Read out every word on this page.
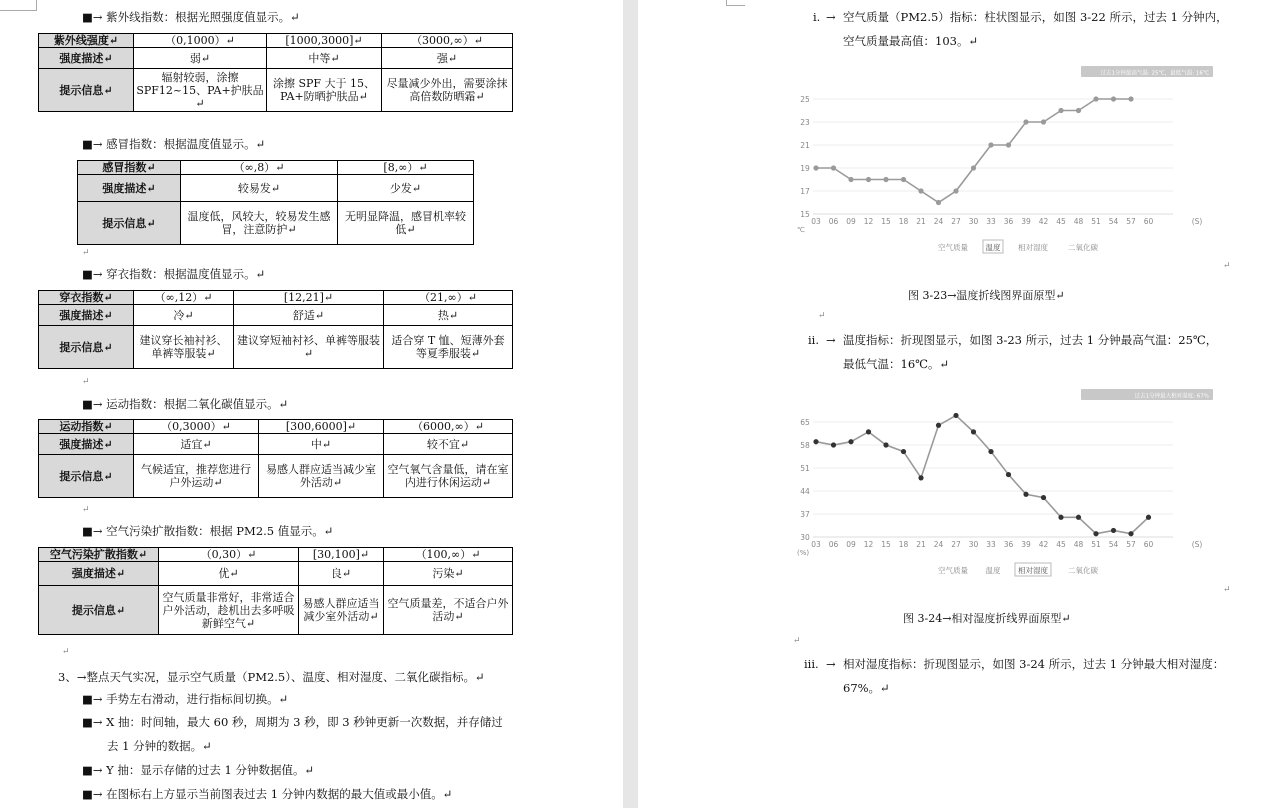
■→ 紫外线指数：根据光照强度值显示。↵
紫外线强度↵	（0,1000）↵	[1000,3000]↵	（3000,∞）↵
强度描述↵	弱↵	中等↵	强↵
提示信息↵	辐射较弱，涂擦 SPF12~15、PA+护肤品↵	涂擦 SPF 大于 15、PA+防晒护肤品↵	尽量减少外出，需要涂抹高倍数防晒霜↵
■→ 感冒指数：根据温度值显示。↵
感冒指数↵	（∞,8）↵	[8,∞）↵
强度描述↵	较易发↵	少发↵
提示信息↵	温度低，风较大，较易发生感冒，注意防护↵	无明显降温，感冒机率较低↵
↵
■→ 穿衣指数：根据温度值显示。↵
穿衣指数↵	（∞,12）↵	[12,21]↵	（21,∞）↵
强度描述↵	冷↵	舒适↵	热↵
提示信息↵	建议穿长袖衬衫、单裤等服装↵	建议穿短袖衬衫、单裤等服装↵	适合穿 T 恤、短薄外套等夏季服装↵
↵
■→ 运动指数：根据二氧化碳值显示。↵
运动指数↵	（0,3000）↵	[300,6000]↵	（6000,∞）↵
强度描述↵	适宜↵	中↵	较不宜↵
提示信息↵	气候适宜，推荐您进行户外运动↵	易感人群应适当减少室外活动↵	空气氧气含量低，请在室内进行休闲运动↵
↵
■→ 空气污染扩散指数：根据 PM2.5 值显示。↵
空气污染扩散指数↵	（0,30）↵	[30,100]↵	（100,∞）↵
强度描述↵	优↵	良↵	污染↵
提示信息↵	空气质量非常好，非常适合户外活动，趁机出去多呼吸新鲜空气↵	易感人群应适当减少室外活动↵	空气质量差，不适合户外活动↵
↵
3、→整点天气实况，显示空气质量（PM2.5）、温度、相对湿度、二氧化碳指标。↵
■→ 手势左右滑动，进行指标间切换。↵
■→ X 抽：时间轴，最大 60 秒，周期为 3 秒，即 3 秒钟更新一次数据，并存储过
去 1 分钟的数据。↵
■→ Y 抽：显示存储的过去 1 分钟数据值。↵
■→ 在图标右上方显示当前图表过去 1 分钟内数据的最大值或最小值。↵
i. → 空气质量（PM2.5）指标：柱状图显示，如图 3-22 所示，过去 1 分钟内，
空气质量最高值：103。↵
过去1分钟最高气温: 25℃，最低气温: 16℃
15
17
19
21
23
25
℃
03 06 09 12 15 18 21 24 27 30 33 36 39 42 45 48 51 54 57 60	(S)
空气质量 温度 相对湿度	二氧化碳
↵
图 3-23→温度折线图界面原型↵
↵
ii. → 温度指标：折现图显示，如图 3-23 所示，过去 1 分钟最高气温：25℃，
最低气温：16℃。↵
过去1分钟最大相对湿度: 67%
30
37
44
51
58
65
(%)
03 06 09 12 15 18 21 24 27 30 33 36 39 42 45 48 51 54 57 60	(S)
空气质量 温度 相对湿度	二氧化碳
↵
图 3-24→相对湿度折线界面原型↵
↵
iii. → 相对湿度指标：折现图显示，如图 3-24 所示，过去 1 分钟最大相对湿度：
67%。↵
